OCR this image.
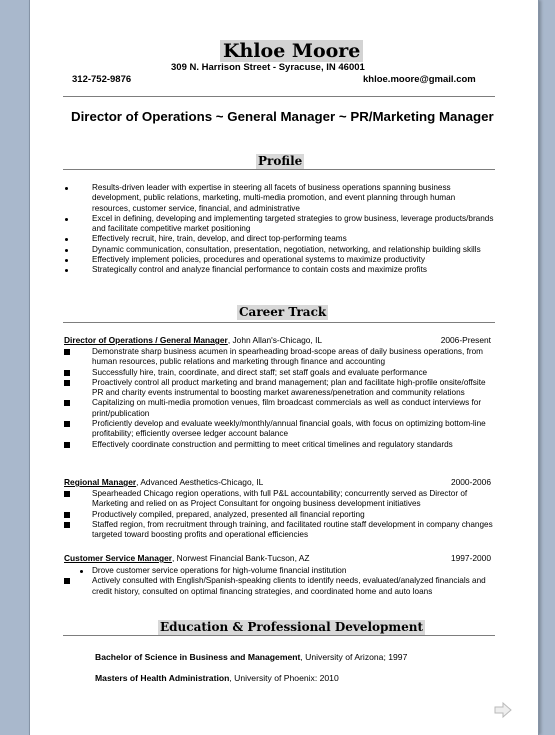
Khloe Moore
309 N. Harrison Street - Syracuse, IN 46001
312-752-9876	khloe.moore@gmail.com
Director of Operations ~ General Manager ~ PR/Marketing Manager
Profile
Results-driven leader with expertise in steering all facets of business operations spanning business development, public relations, marketing, multi-media promotion, and event planning through human resources, customer service, financial, and administrative
Excel in defining, developing and implementing targeted strategies to grow business, leverage products/brands and facilitate competitive market positioning
Effectively recruit, hire, train, develop, and direct top-performing teams
Dynamic communication, consultation, presentation, negotiation, networking, and relationship building skills
Effectively implement policies, procedures and operational systems to maximize productivity
Strategically control and analyze financial performance to contain costs and maximize profits
Career Track
Director of Operations / General Manager, John Allan's-Chicago, IL	2006-Present
Demonstrate sharp business acumen in spearheading broad-scope areas of daily business operations, from human resources, public relations and marketing through finance and accounting
Successfully hire, train, coordinate, and direct staff; set staff goals and evaluate performance
Proactively control all product marketing and brand management; plan and facilitate high-profile onsite/offsite PR and charity events instrumental to boosting market awareness/penetration and community relations
Capitalizing on multi-media promotion venues, film broadcast commercials as well as conduct interviews for print/publication
Proficiently develop and evaluate weekly/monthly/annual financial goals, with focus on optimizing bottom-line profitability; efficiently oversee ledger account balance
Effectively coordinate construction and permitting to meet critical timelines and regulatory standards
Regional Manager, Advanced Aesthetics-Chicago, IL	2000-2006
Spearheaded Chicago region operations, with full P&L accountability; concurrently served as Director of Marketing and relied on as Project Consultant for ongoing business development initiatives
Productively compiled, prepared, analyzed, presented all financial reporting
Staffed region, from recruitment through training, and facilitated routine staff development in company changes targeted toward boosting profits and operational efficiencies
Customer Service Manager, Norwest Financial Bank-Tucson, AZ	1997-2000
Drove customer service operations for high-volume financial institution
Actively consulted with English/Spanish-speaking clients to identify needs, evaluated/analyzed financials and credit history, consulted on optimal financing strategies, and coordinated home and auto loans
Education & Professional Development
Bachelor of Science in Business and Management, University of Arizona; 1997
Masters of Health Administration, University of Phoenix: 2010
